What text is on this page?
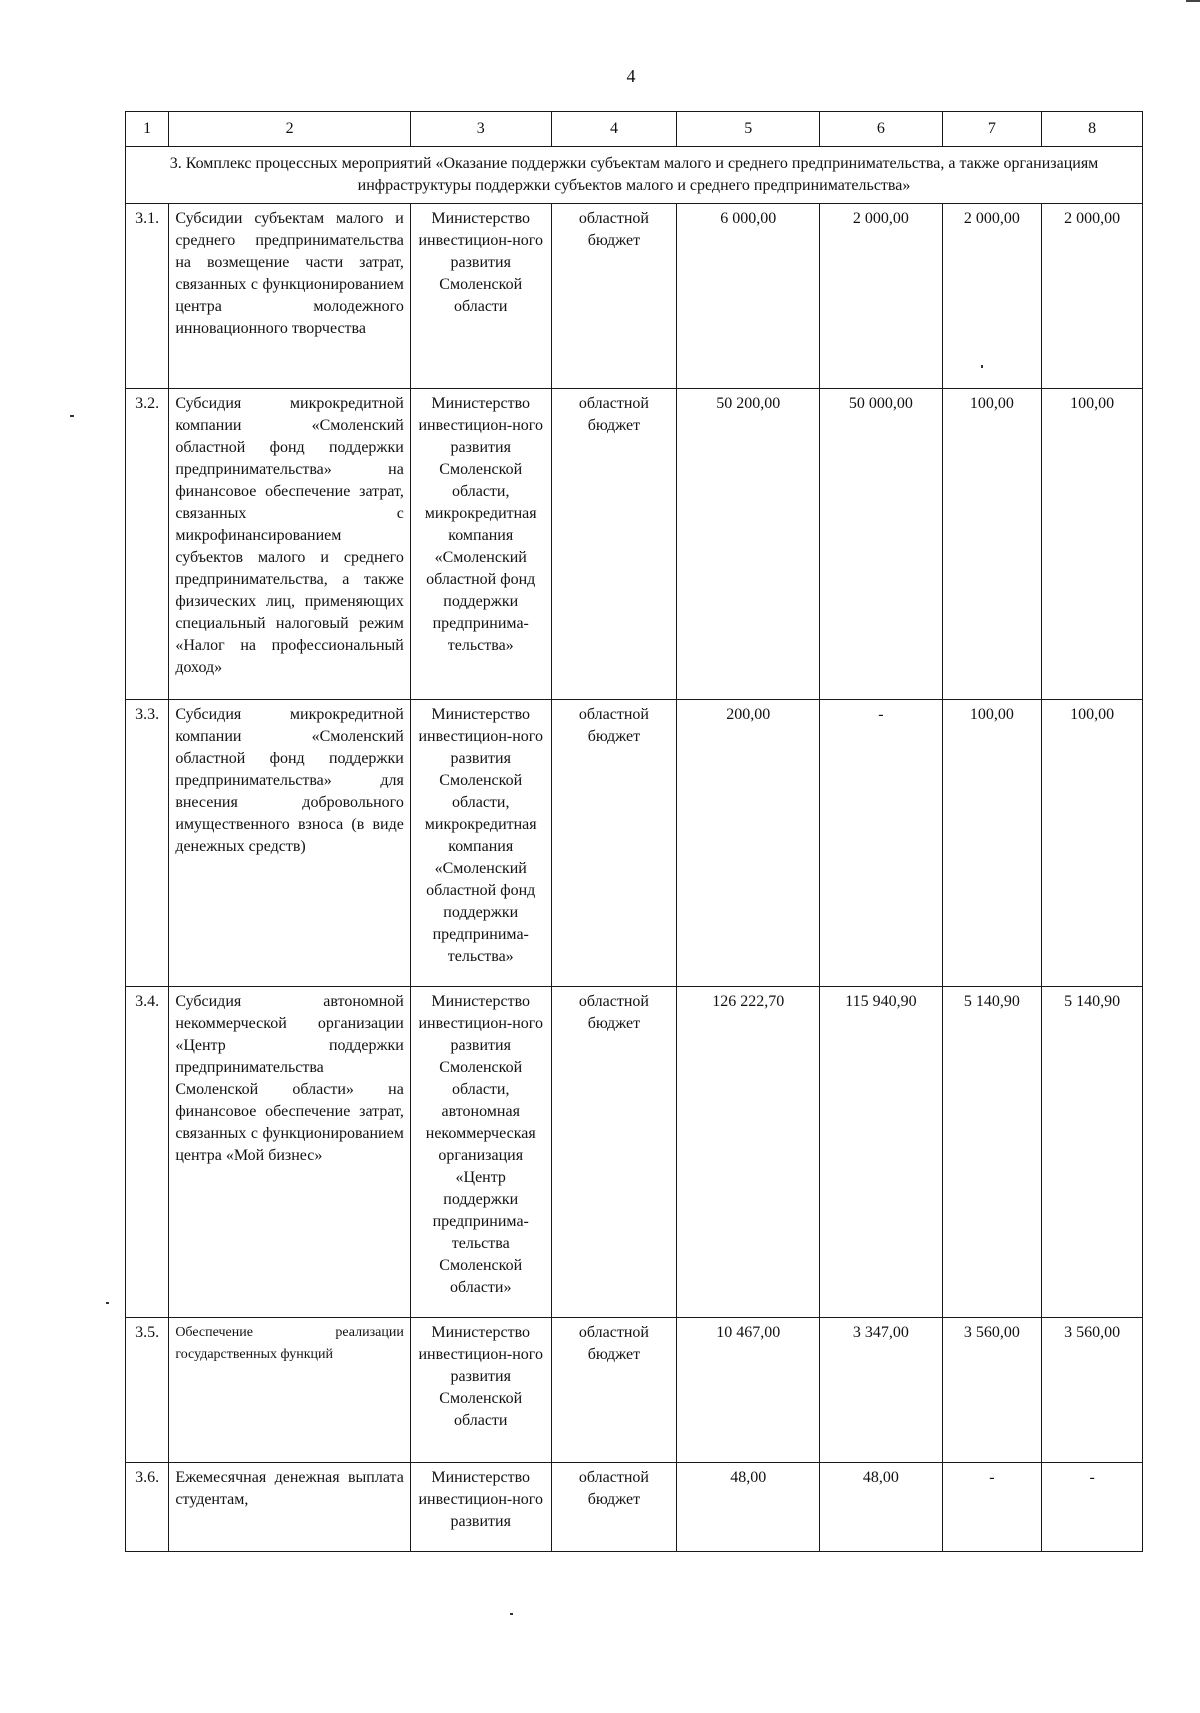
4
1	2	3	4	5	6	7	8
3. Комплекс процессных мероприятий «Оказание поддержки субъектам малого и среднего предпринимательства, а также организациям инфраструктуры поддержки субъектов малого и среднего предпринимательства»							
3.1.	Субсидии субъектам малого и среднего предпринимательства на возмещение части затрат, связанных с функционированием центра молодежного инновационного творчества	Министерство инвестицион-ного развития Смоленской области	областной бюджет	6 000,00	2 000,00	2 000,00	2 000,00
3.2.	Субсидия микрокредитной компании «Смоленский областной фонд поддержки предпринимательства» на финансовое обеспечение затрат, связанных с микрофинансированием субъектов малого и среднего предпринимательства, а также физических лиц, применяющих специальный налоговый режим «Налог на профессиональный доход»	Министерство инвестицион-ного развития Смоленской области, микрокредитная компания «Смоленский областной фонд поддержки предпринима-тельства»	областной бюджет	50 200,00	50 000,00	100,00	100,00
3.3.	Субсидия микрокредитной компании «Смоленский областной фонд поддержки предпринимательства» для внесения добровольного имущественного взноса (в виде денежных средств)	Министерство инвестицион-ного развития Смоленской области, микрокредитная компания «Смоленский областной фонд поддержки предпринима-тельства»	областной бюджет	200,00	-	100,00	100,00
3.4.	Субсидия автономной некоммерческой организации «Центр поддержки предпринимательства Смоленской области» на финансовое обеспечение затрат, связанных с функционированием центра «Мой бизнес»	Министерство инвестицион-ного развития Смоленской области, автономная некоммерческая организация «Центр поддержки предпринима-тельства Смоленской области»	областной бюджет	126 222,70	115 940,90	5 140,90	5 140,90
3.5.	Обеспечение реализации государственных функций	Министерство инвестицион-ного развития Смоленской области	областной бюджет	10 467,00	3 347,00	3 560,00	3 560,00
3.6.	Ежемесячная денежная выплата студентам,	Министерство инвестицион-ного развития	областной бюджет	48,00	48,00	-	-
